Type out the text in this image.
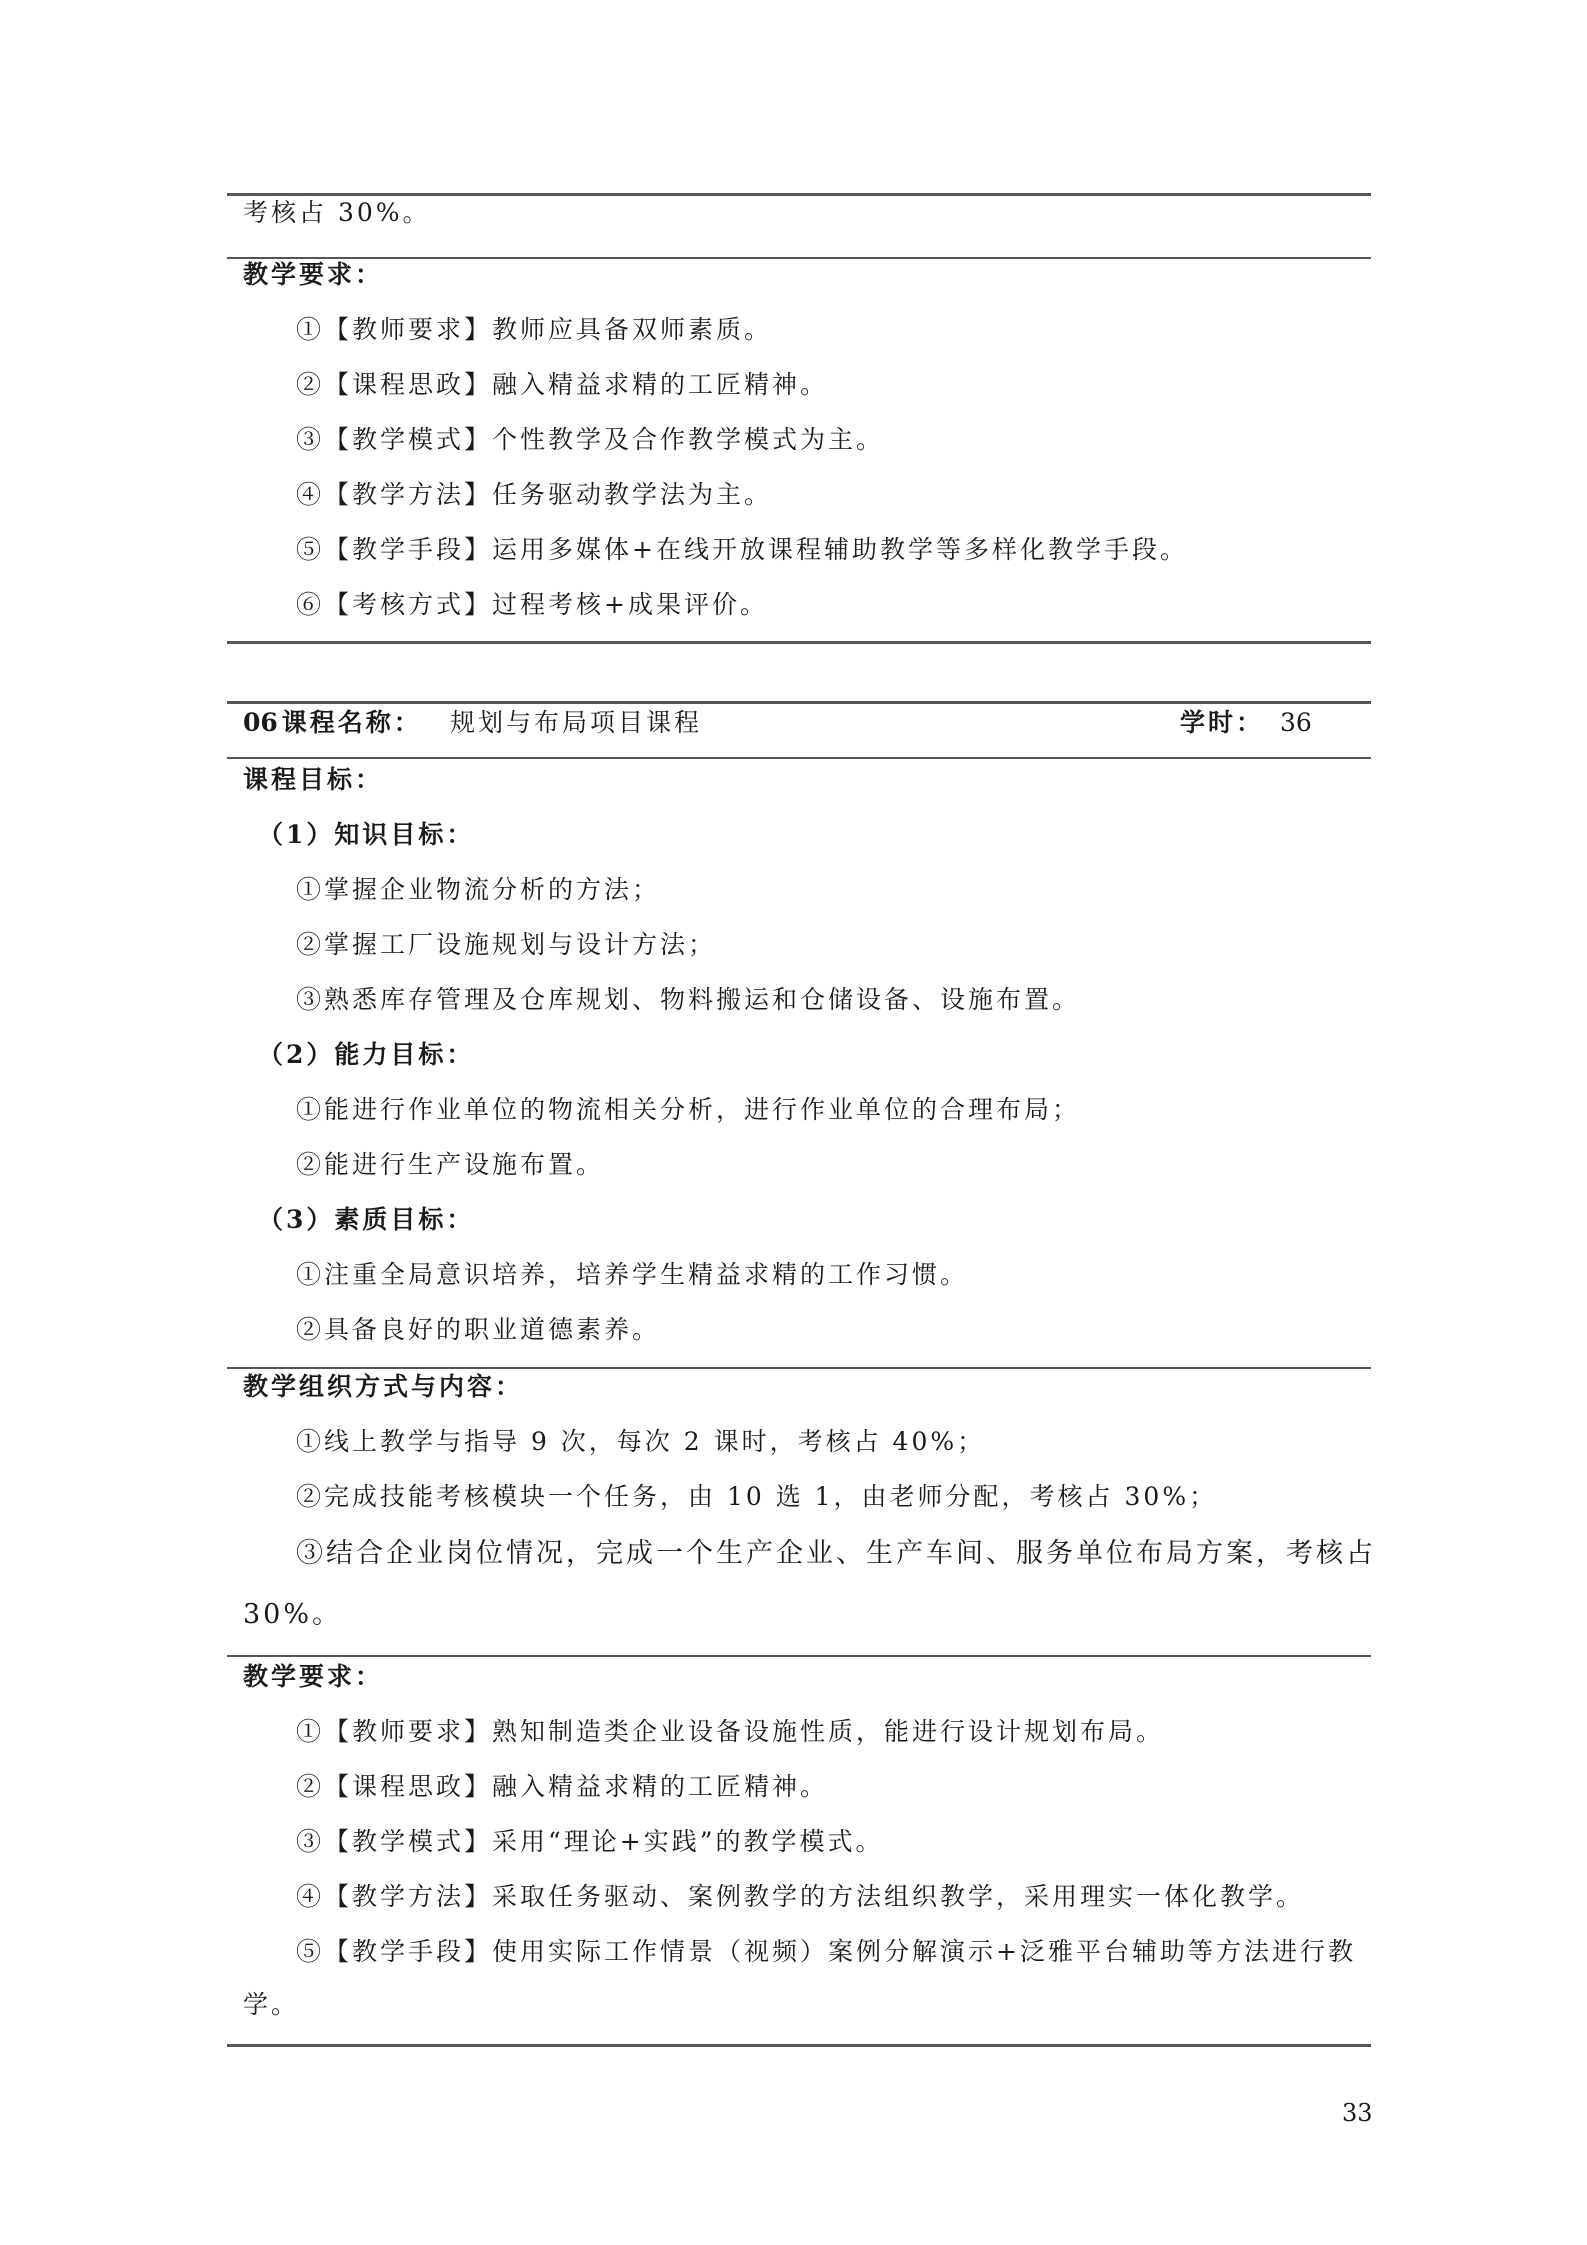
考核占 30%。
教学要求：
①【教师要求】教师应具备双师素质。
②【课程思政】融入精益求精的工匠精神。
③【教学模式】个性教学及合作教学模式为主。
④【教学方法】任务驱动教学法为主。
⑤【教学手段】运用多媒体+在线开放课程辅助教学等多样化教学手段。
⑥【考核方式】过程考核+成果评价。
06 课程名称： 规划与布局项目课程	学时： 36
课程目标：
（1）知识目标：
①掌握企业物流分析的方法；
②掌握工厂设施规划与设计方法；
③熟悉库存管理及仓库规划、物料搬运和仓储设备、设施布置。
（2）能力目标：
①能进行作业单位的物流相关分析，进行作业单位的合理布局；
②能进行生产设施布置。
（3）素质目标：
①注重全局意识培养，培养学生精益求精的工作习惯。
②具备良好的职业道德素养。
教学组织方式与内容：
①线上教学与指导 9 次，每次 2 课时，考核占 40%；
②完成技能考核模块一个任务，由 10 选 1，由老师分配，考核占 30%；
③结合企业岗位情况，完成一个生产企业、生产车间、服务单位布局方案，考核占
30%。
教学要求：
①【教师要求】熟知制造类企业设备设施性质，能进行设计规划布局。
②【课程思政】融入精益求精的工匠精神。
③【教学模式】采用“理论+实践”的教学模式。
④【教学方法】采取任务驱动、案例教学的方法组织教学，采用理实一体化教学。
⑤【教学手段】使用实际工作情景（视频）案例分解演示+泛雅平台辅助等方法进行教
学。
33
